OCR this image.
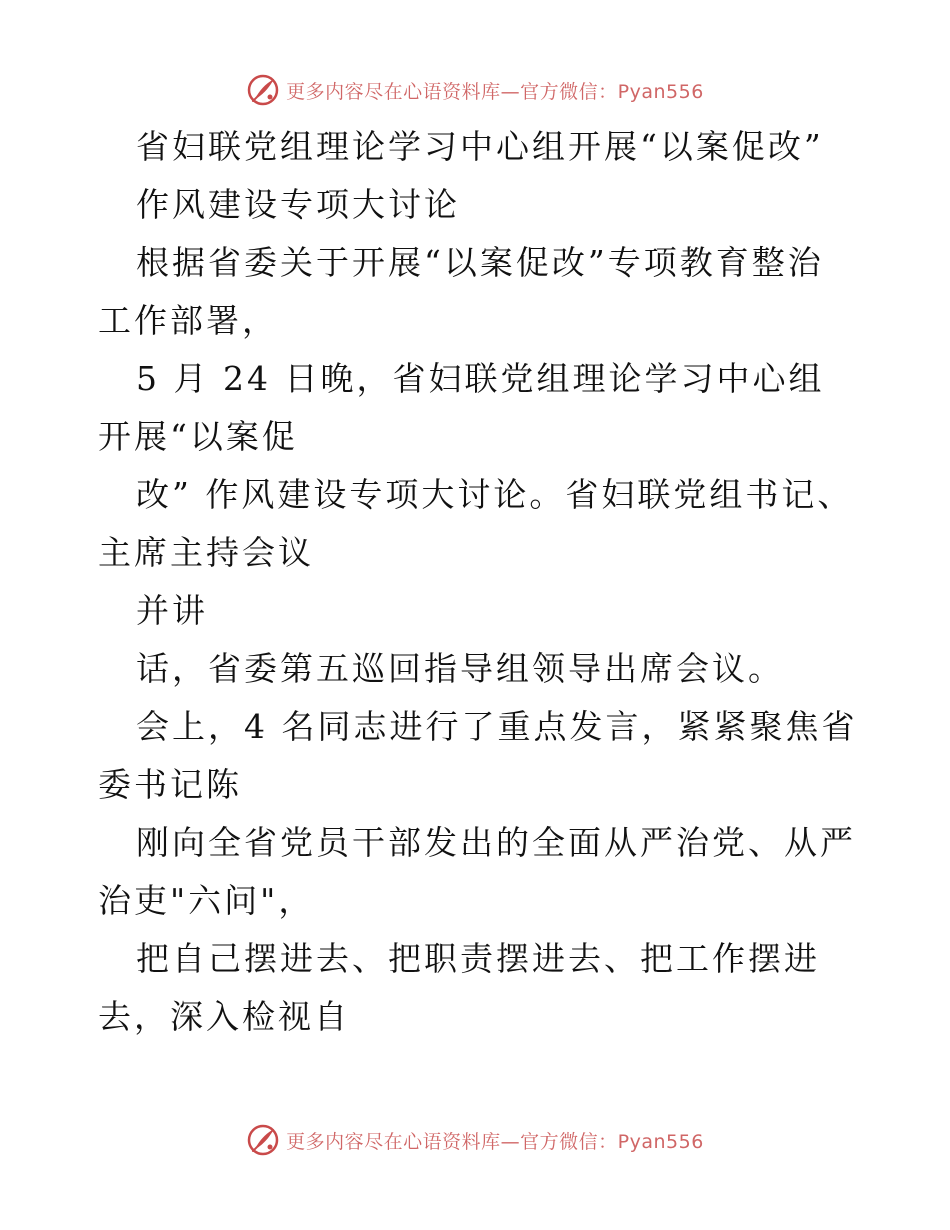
更多内容尽在心语资料库—官方微信：Pyan556

省妇联党组理论学习中心组开展“以案促改”

作风建设专项大讨论

根据省委关于开展“以案促改”专项教育整治工作部署，

5 月 24 日晚，省妇联党组理论学习中心组开展“以案促

改” 作风建设专项大讨论。省妇联党组书记、主席主持会议

并讲

话，省委第五巡回指导组领导出席会议。

会上，4 名同志进行了重点发言，紧紧聚焦省委书记陈

刚向全省党员干部发出的全面从严治党、从严治吏"六问"，

把自己摆进去、把职责摆进去、把工作摆进去，深入检视自

更多内容尽在心语资料库—官方微信：Pyan556
